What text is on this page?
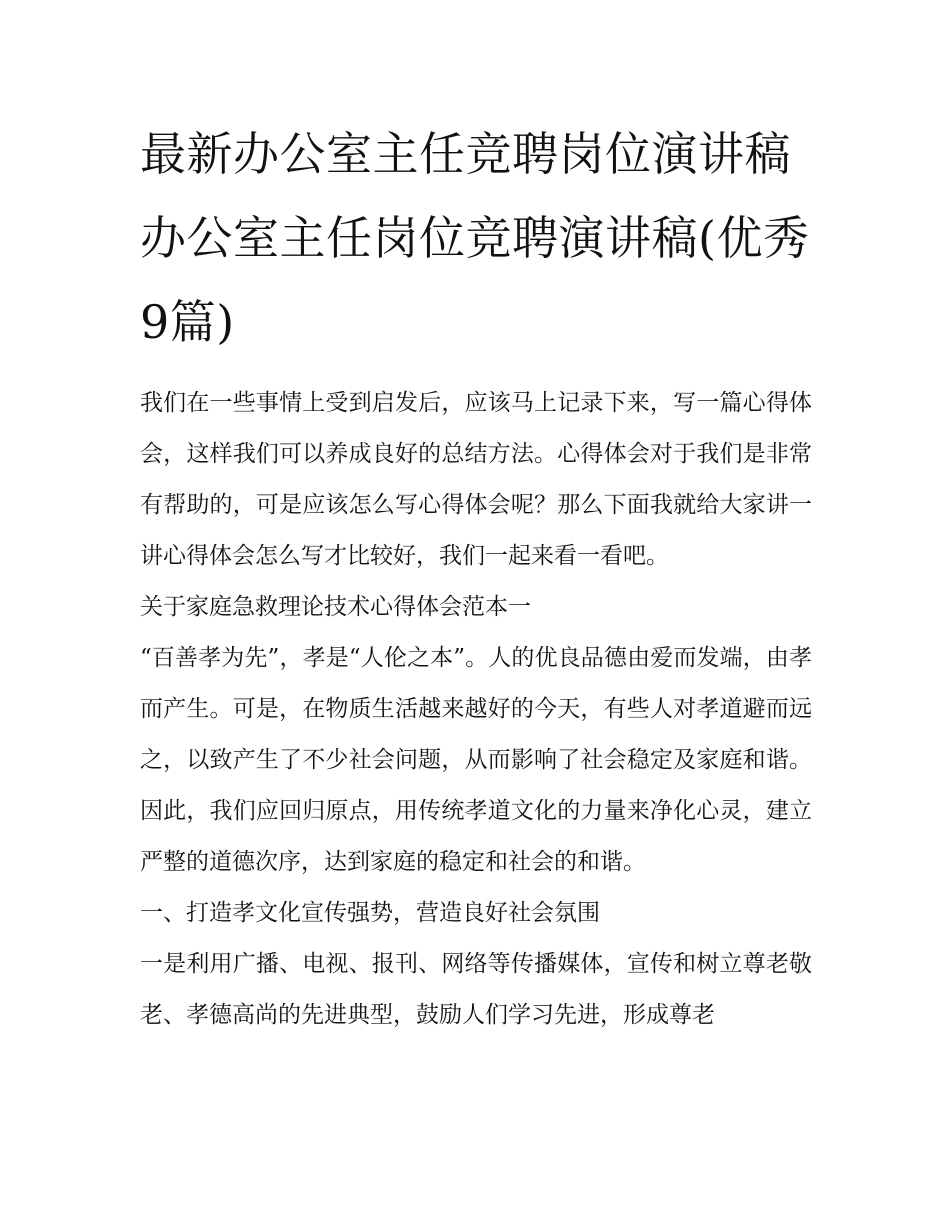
最新办公室主任竞聘岗位演讲稿 办公室主任岗位竞聘演讲稿(优秀9篇)

我们在一些事情上受到启发后，应该马上记录下来，写一篇心得体会，这样我们可以养成良好的总结方法。心得体会对于我们是非常有帮助的，可是应该怎么写心得体会呢？那么下面我就给大家讲一讲心得体会怎么写才比较好，我们一起来看一看吧。

关于家庭急救理论技术心得体会范本一

“百善孝为先”，孝是“人伦之本”。人的优良品德由爱而发端，由孝而产生。可是，在物质生活越来越好的今天，有些人对孝道避而远之，以致产生了不少社会问题，从而影响了社会稳定及家庭和谐。因此，我们应回归原点，用传统孝道文化的力量来净化心灵，建立严整的道德次序，达到家庭的稳定和社会的和谐。

一、打造孝文化宣传强势，营造良好社会氛围

一是利用广播、电视、报刊、网络等传播媒体，宣传和树立尊老敬老、孝德高尚的先进典型，鼓励人们学习先进，形成尊老
